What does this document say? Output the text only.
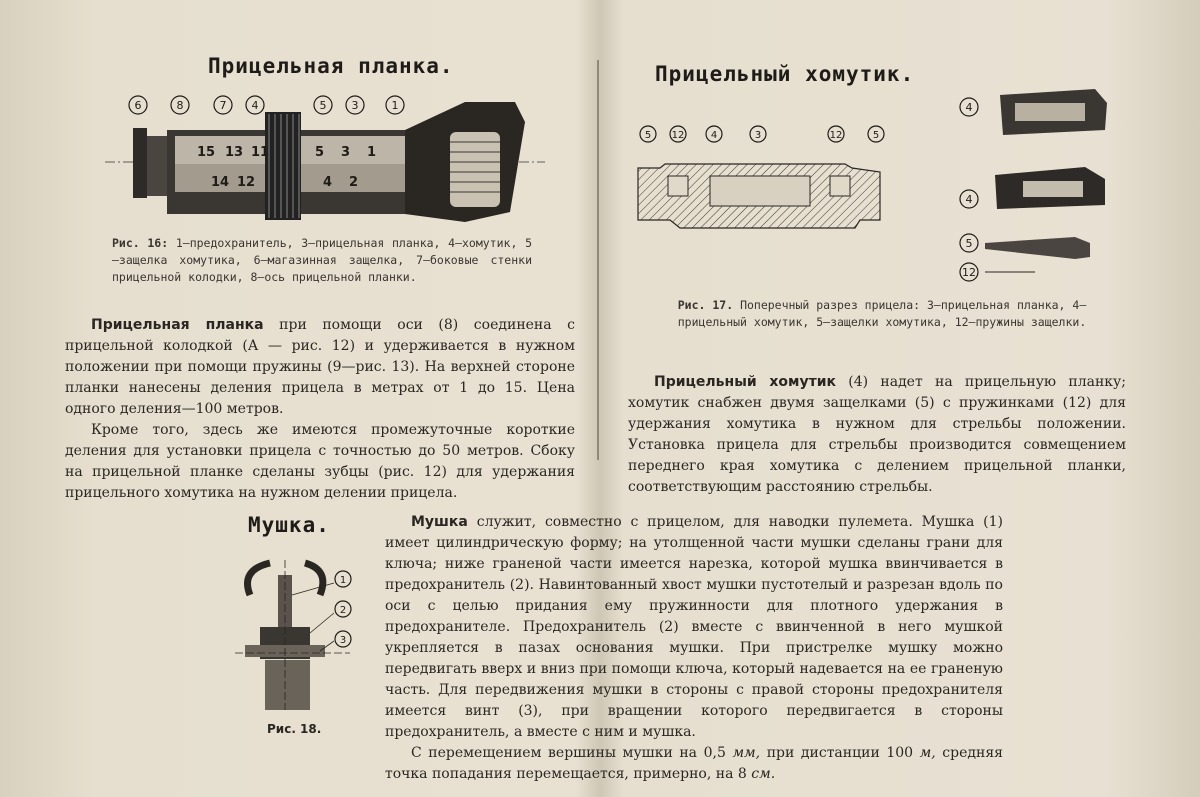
Прицельная планка.
15 13 11	5 3 1
14 12	4 2
6	8	7 4	5 3	1
Рис. 16: 1—предохранитель, 3—прицельная планка, 4—хомутик, 5—защелка хомутика, 6—магазинная защелка, 7—боковые стенки прицельной колодки, 8—ось прицельной планки.

Прицельная планка при помощи оси (8) соединена с прицельной колодкой (А — рис. 12) и удерживается в нужном положении при помощи пружины (9—рис. 13). На верхней стороне планки нанесены деления прицела в метрах от 1 до 15. Цена одного деления—100 метров.

Кроме того, здесь же имеются промежуточные короткие деления для установки прицела с точностью до 50 метров. Сбоку на прицельной планке сделаны зубцы (рис. 12) для удержания прицельного хомутика на нужном делении прицела.

Прицельный хомутик.
5 12	4	3	12	5
4
4
5
12
Рис. 17. Поперечный разрез прицела: 3—прицельная планка, 4—прицельный хомутик, 5—защелки хомутика, 12—пружины защелки.

Прицельный хомутик (4) надет на прицельную планку; хомутик снабжен двумя защелками (5) с пружинками (12) для удержания хомутика в нужном для стрельбы положении. Установка прицела для стрельбы производится совмещением переднего края хомутика с делением прицельной планки, соответствующим расстоянию стрельбы.

Мушка.
1
2
3
Рис. 18.

Мушка служит, совместно с прицелом, для наводки пулемета. Мушка (1) имеет цилиндрическую форму; на утолщенной части мушки сделаны грани для ключа; ниже граненой части имеется нарезка, которой мушка ввинчивается в предохранитель (2). Навинтованный хвост мушки пустотелый и разрезан вдоль по оси с целью придания ему пружинности для плотного удержания в предохранителе. Предохранитель (2) вместе с ввинченной в него мушкой укрепляется в пазах основания мушки. При пристрелке мушку можно передвигать вверх и вниз при помощи ключа, который надевается на ее граненую часть. Для передвижения мушки в стороны с правой стороны предохранителя имеется винт (3), при вращении которого передвигается в стороны предохранитель, а вместе с ним и мушка.

С перемещением вершины мушки на 0,5 мм, при дистанции 100 м, средняя точка попадания перемещается, примерно, на 8 см.
